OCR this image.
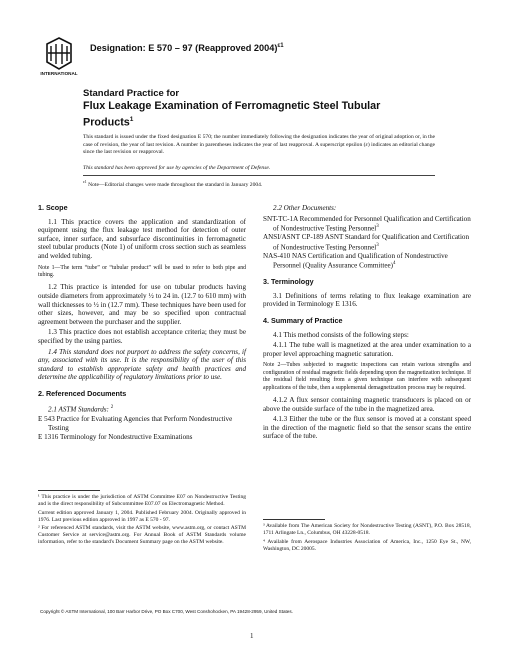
INTERNATIONAL
Designation: E 570 – 97 (Reapproved 2004)$^{\varepsilon 1}$
Standard Practice for
Flux Leakage Examination of Ferromagnetic Steel Tubular
Products$^1$
This standard is issued under the fixed designation E 570; the number immediately following the designation indicates the year of original adoption or, in the case of revision, the year of last revision. A number in parentheses indicates the year of last reapproval. A superscript epsilon (ε) indicates an editorial change since the last revision or reapproval.
This standard has been approved for use by agencies of the Department of Defense.
$^{\varepsilon 1}$ Note—Editorial changes were made throughout the standard in January 2004.
1. Scope

1.1 This practice covers the application and standardization of equipment using the flux leakage test method for detection of outer surface, inner surface, and subsurface discontinuities in ferromagnetic steel tubular products (Note 1) of uniform cross section such as seamless and welded tubing.

Note 1—The term “tube” or “tubular product” will be used to refer to both pipe and tubing.

1.2 This practice is intended for use on tubular products having outside diameters from approximately ½ to 24 in. (12.7 to 610 mm) with wall thicknesses to ½ in (12.7 mm). These techniques have been used for other sizes, however, and may be so specified upon contractual agreement between the purchaser and the supplier.

1.3 This practice does not establish acceptance criteria; they must be specified by the using parties.

1.4 This standard does not purport to address the safety concerns, if any, associated with its use. It is the responsibility of the user of this standard to establish appropriate safety and health practices and determine the applicability of regulatory limitations prior to use.

2. Referenced Documents

2.1 ASTM Standards: $^2$

E 543 Practice for Evaluating Agencies that Perform Nondestructive Testing

E 1316 Terminology for Nondestructive Examinations

¹ This practice is under the jurisdiction of ASTM Committee E07 on Nondestructive Testing and is the direct responsibility of Subcommittee E07.07 on Electromagnetic Method.

Current edition approved January 1, 2004. Published February 2004. Originally approved in 1976. Last previous edition approved in 1997 as E 570 - 97.

² For referenced ASTM standards, visit the ASTM website, www.astm.org, or contact ASTM Customer Service at service@astm.org. For Annual Book of ASTM Standards volume information, refer to the standard's Document Summary page on the ASTM website.

2.2 Other Documents:

SNT-TC-1A Recommended for Personnel Qualification and Certification of Nondestructive Testing Personnel$^3$

ANSI/ASNT CP-189 ASNT Standard for Qualification and Certification of Nondestructive Testing Personnel$^3$

NAS-410 NAS Certification and Qualification of Nondestructive Personnel (Quality Assurance Committee)$^4$

3. Terminology

3.1 Definitions of terms relating to flux leakage examination are provided in Terminology E 1316.

4. Summary of Practice

4.1 This method consists of the following steps:

4.1.1 The tube wall is magnetized at the area under examination to a proper level approaching magnetic saturation.

Note 2—Tubes subjected to magnetic inspections can retain various strengths and configuration of residual magnetic fields depending upon the magnetization technique. If the residual field resulting from a given technique can interfere with subsequent applications of the tube, then a supplemental demagnetization process may be required.

4.1.2 A flux sensor containing magnetic transducers is placed on or above the outside surface of the tube in the magnetized area.

4.1.3 Either the tube or the flux sensor is moved at a constant speed in the direction of the magnetic field so that the sensor scans the entire surface of the tube.

³ Available from The American Society for Nondestructive Testing (ASNT), P.O. Box 28518, 1711 Arlingate Ln., Columbus, OH 43228-0518.

⁴ Available from Aerospace Industries Association of America, Inc., 1250 Eye St., NW, Washington, DC 20005.

Copyright © ASTM International, 100 Barr Harbor Drive, PO Box C700, West Conshohocken, PA 19428-2959, United States.
1
